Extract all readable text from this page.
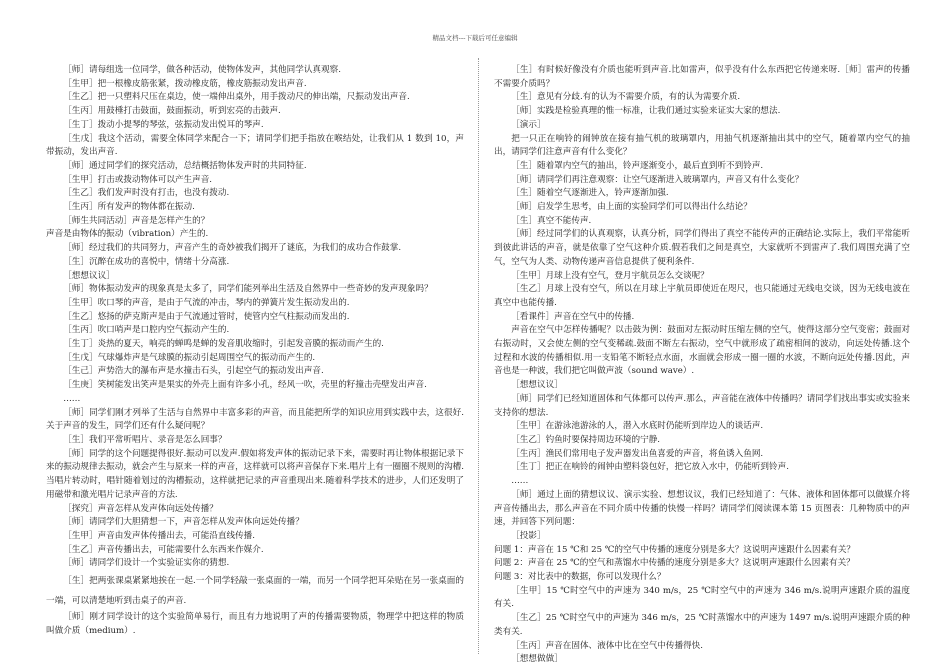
精品文档---下载后可任意编辑

［师］请每组选一位同学，做各种活动，使物体发声，其他同学认真观察.

［生甲］把一根橡皮筋张紧，拨动橡皮筋，橡皮筋振动发出声音.

［生乙］把一只塑料尺压在桌边，使一端伸出桌外，用手拨动尺的伸出端，尺振动发出声音.

［生丙］用鼓棰打击鼓面，鼓面振动，听到宏亮的击鼓声.

［生丁］拨动小提琴的琴弦，弦振动发出悦耳的琴声.

［生戊］我这个活动，需要全体同学来配合一下；请同学们把手指放在喉结处，让我们从 1 数到 10，声带振动，发出声音.

［师］通过同学们的探究活动，总结概括物体发声时的共同特征.

［生甲］打击或拨动物体可以产生声音.

［生乙］我们发声时没有打击，也没有拨动.

［生丙］所有发声的物体都在振动.

［师生共同活动］声音是怎样产生的？

声音是由物体的振动（vibration）产生的.

［师］经过我们的共同努力，声音产生的奇妙被我们揭开了谜底，为我们的成功合作鼓掌.

［生］沉醉在成功的喜悦中，情绪十分高涨.

［想想议议］

［师］物体振动发声的现象真是太多了，同学们能列举出生活及自然界中一些奇妙的发声现象吗？

［生甲］吹口琴的声音，是由于气流的冲击，琴内的弹簧片发生振动发出的.

［生乙］悠扬的萨克斯声是由于气流通过管时，使管内空气柱振动而发出的.

［生丙］吹口哨声是口腔内空气振动产生的.

［生丁］炎热的夏天，响亮的蝉鸣是蝉的发音肌收缩时，引起发音膜的振动而产生的.

［生戊］气球爆炸声是气球膜的振动引起周围空气的振动而产生的.

［生己］声势浩大的瀑布声是水撞击石头，引起空气的振动发出声音.

［生庚］笑树能发出笑声是果实的外壳上面有许多小孔，经风一吹，壳里的籽撞击壳壁发出声音.

……

［师］同学们刚才列举了生活与自然界中丰富多彩的声音，而且能把所学的知识应用到实践中去，这很好.关于声音的发生，同学们还有什么疑问呢？

［生］我们平常听唱片、录音是怎么回事？

［师］同学的这个问题提得很好.振动可以发声.假如将发声体的振动记录下来，需要时再让物体根据记录下来的振动规律去振动，就会产生与原来一样的声音，这样就可以将声音保存下来.唱片上有一圈圈不规则的沟槽.当唱片转动时，唱针随着划过的沟槽振动，这样就把记录的声音重现出来.随着科学技术的进步，人们还发明了用磁带和激光唱片记录声音的方法.

［探究］声音怎样从发声体向远处传播？

［师］请同学们大胆猜想一下，声音怎样从发声体向远处传播？

［生甲］声音由发声体传播出去，可能沿直线传播.

［生乙］声音传播出去，可能需要什么东西来作媒介.

［师］请同学们设计一个实验证实你的猜想.

［生］把两张课桌紧紧地挨在一起.一个同学轻敲一张桌面的一端，而另一个同学把耳朵贴在另一张桌面的一端，可以清楚地听到击桌子的声音.

［师］刚才同学设计的这个实验简单易行，而且有力地说明了声的传播需要物质，物理学中把这样的物质叫做介质（medium）.

［生］有时候好像没有介质也能听到声音.比如雷声，似乎没有什么东西把它传递来呀.［师］雷声的传播不需要介质吗？

［生］意见有分歧.有的认为不需要介质，有的认为需要介质.

［师］实践是检验真理的惟一标准，让我们通过实验来证实大家的想法.

［演示］

把一只正在响铃的闹钟放在接有抽气机的玻璃罩内，用抽气机逐渐抽出其中的空气，随着罩内空气的抽出，请同学们注意声音有什么变化？

［生］随着罩内空气的抽出，铃声逐渐变小，最后直到听不到铃声.

［师］请同学们再注意观察：让空气逐渐进入玻璃罩内，声音又有什么变化？

［生］随着空气逐渐进入，铃声逐渐加强.

［师］启发学生思考，由上面的实验同学们可以得出什么结论？

［生］真空不能传声.

［师］经过同学们的认真观察，认真分析，同学们得出了真空不能传声的正确结论.实际上，我们平常能听到彼此讲话的声音，就是依靠了空气这种介质.假若我们之间是真空，大家就听不到雷声了.我们周围充满了空气，空气为人类、动物传递声音信息提供了便利条件.

［生甲］月球上没有空气，登月宇航员怎么交谈呢？

［生乙］月球上没有空气，所以在月球上宇航员即使近在咫尺，也只能通过无线电交谈，因为无线电波在真空中也能传播.

［看课件］声音在空气中的传播.

声音在空气中怎样传播呢？以击鼓为例：鼓面对左振动时压缩左侧的空气，使得这部分空气变密；鼓面对右振动时，又会使左侧的空气变稀疏.鼓面不断左右振动，空气中就形成了疏密相间的波动，向远处传播.这个过程和水波的传播相似.用一支铅笔不断轻点水面，水面就会形成一圈一圈的水波，不断向远处传播.因此，声音也是一种波，我们把它叫做声波（sound wave）.

［想想议议］

［师］同学们已经知道固体和气体都可以传声.那么，声音能在液体中传播吗？请同学们找出事实或实验来支持你的想法.

［生甲］在游泳池游泳的人，潜入水底时仍能听到岸边人的谈话声.

［生乙］钓鱼时要保持周边环境的宁静.

［生丙］渔民们常用电子发声器发出鱼喜爱的声音，将鱼诱入鱼网.

［生丁］把正在响铃的闹钟由塑料袋包好，把它放入水中，仍能听到铃声.

……

［师］通过上面的猜想议议、演示实验、想想议议，我们已经知道了：气体、液体和固体都可以做媒介将声音传播出去，那么声音在不同介质中传播的快慢一样吗？请同学们阅读课本第 15 页图表：几种物质中的声速，并回答下列问题：

［投影］

问题 1：声音在 15 ℃和 25 ℃的空气中传播的速度分别是多大？这说明声速跟什么因素有关？

问题 2：声音在 25 ℃的空气和蒸馏水中传播的速度分别是多大？这说明声速跟什么因素有关？

问题 3：对比表中的数据，你可以发现什么？

［生甲］15 ℃时空气中的声速为 340 m/s，25 ℃时空气中的声速为 346 m/s.说明声速跟介质的温度有关.

［生乙］25 ℃时空气中的声速为 346 m/s，25 ℃时蒸馏水中的声速为 1497 m/s.说明声速跟介质的种类有关.

［生丙］声音在固体、液体中比在空气中传播得快.

［想想做做］
